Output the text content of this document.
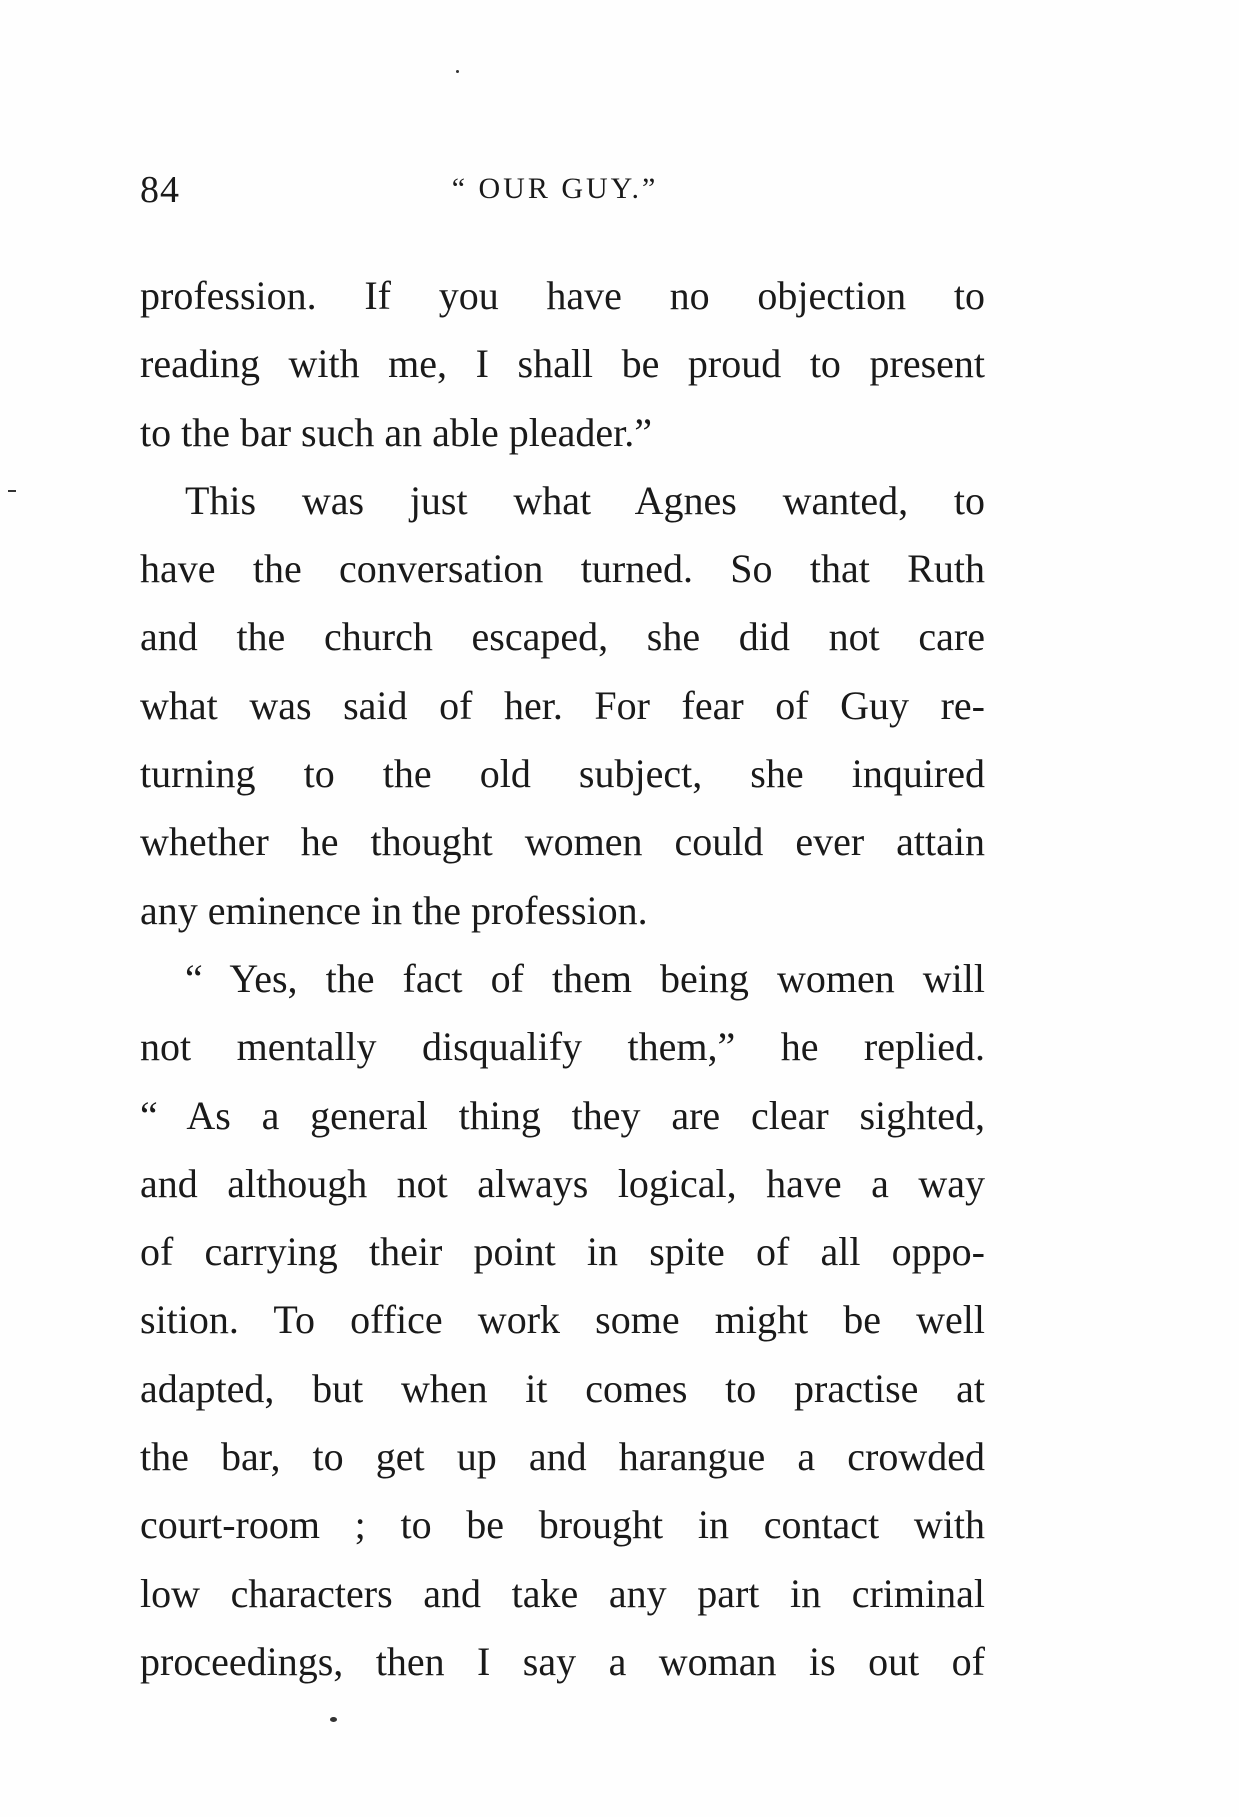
84	“ OUR GUY.”
profession. If you have no objection to
reading with me, I shall be proud to present
to the bar such an able pleader.”
This was just what Agnes wanted, to
have the conversation turned. So that Ruth
and the church escaped, she did not care
what was said of her. For fear of Guy re-
turning to the old subject, she inquired
whether he thought women could ever attain
any eminence in the profession.
“ Yes, the fact of them being women will
not mentally disqualify them,” he replied.
“ As a general thing they are clear sighted,
and although not always logical, have a way
of carrying their point in spite of all oppo-
sition. To office work some might be well
adapted, but when it comes to practise at
the bar, to get up and harangue a crowded
court-room ; to be brought in contact with
low characters and take any part in criminal
proceedings, then I say a woman is out of
